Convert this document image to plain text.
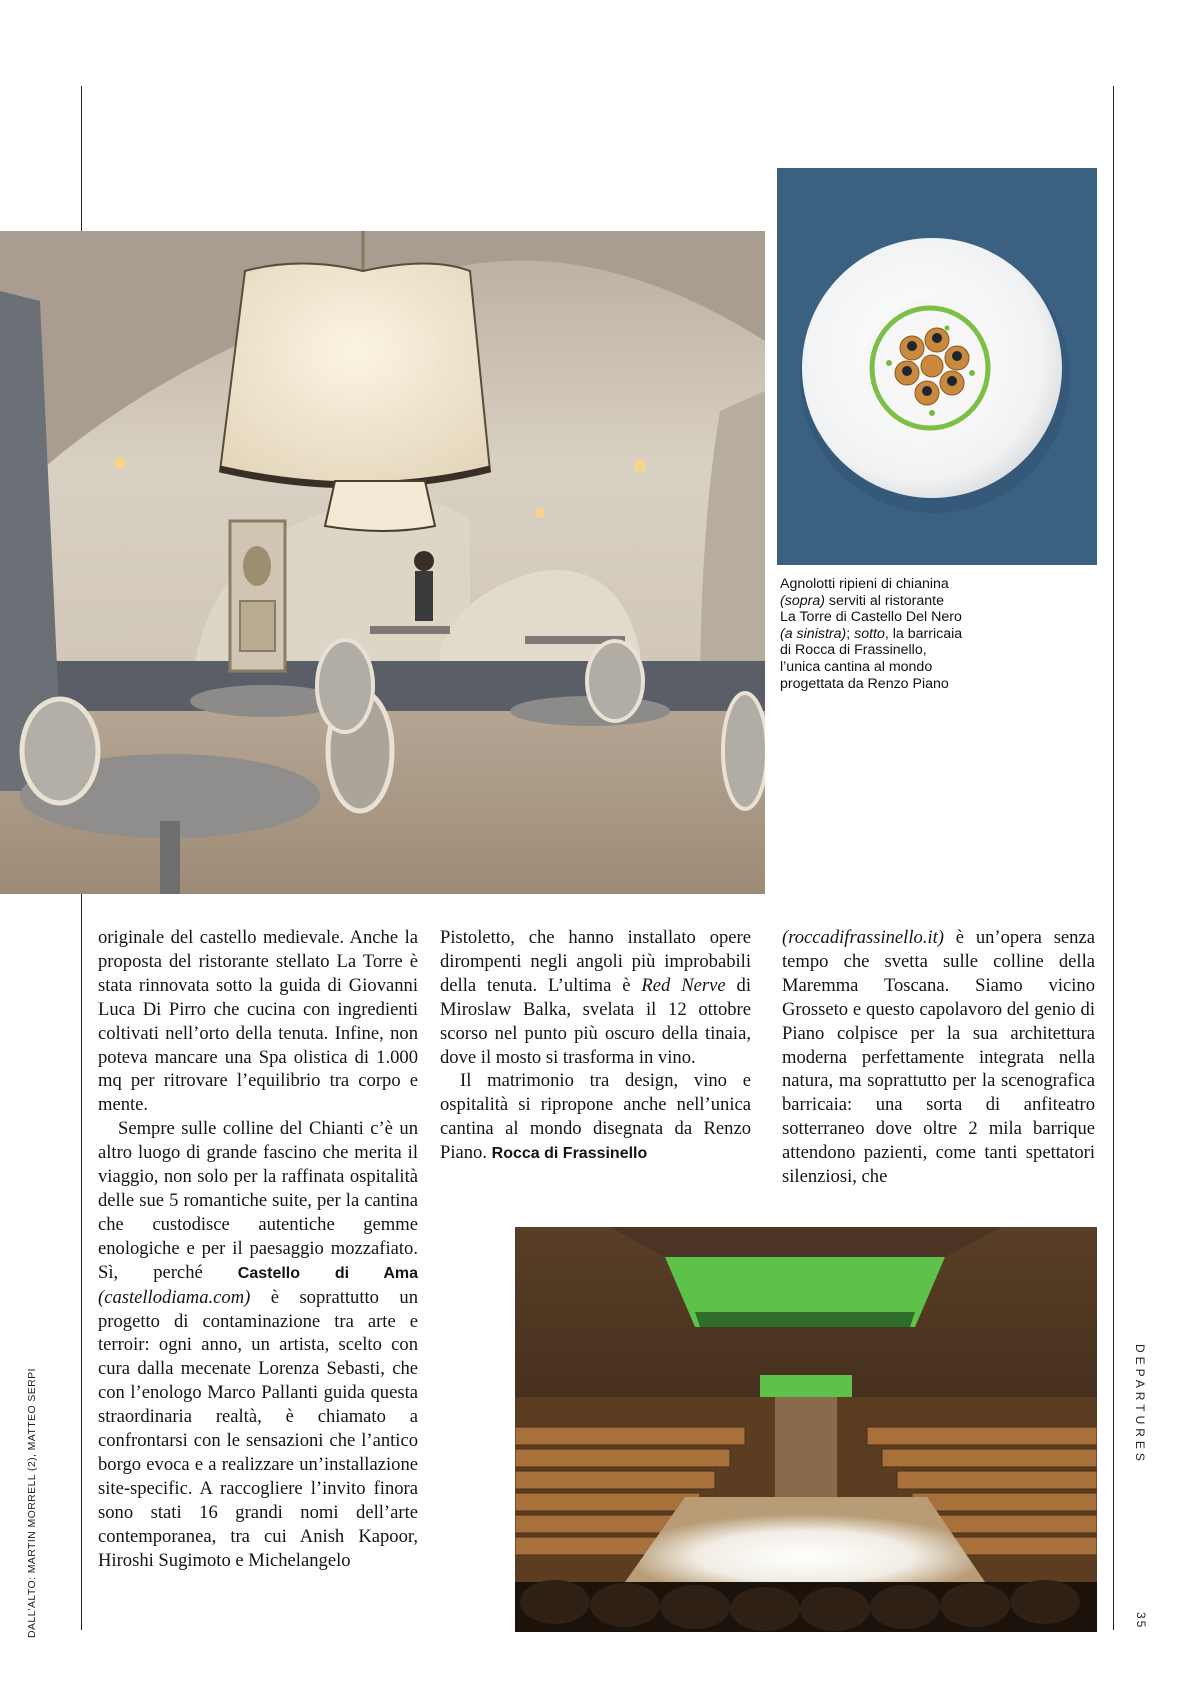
Agnolotti ripieni di chianina

(sopra) serviti al ristorante

La Torre di Castello Del Nero

(a sinistra); sotto, la barricaia

di Rocca di Frassinello,

l’unica cantina al mondo

progettata da Renzo Piano

originale del castello medievale. Anche la proposta del ristorante stellato La Torre è stata rinnovata sotto la guida di Giovanni Luca Di Pirro che cucina con ingredienti coltivati nell’orto della tenuta. Infine, non poteva mancare una Spa olistica di 1.000 mq per ritrovare l’equilibrio tra corpo e mente.

Sempre sulle colline del Chianti c’è un altro luogo di grande fascino che merita il viaggio, non solo per la raffinata ospitalità delle sue 5 romantiche suite, per la cantina che custodisce autentiche gemme enologiche e per il paesaggio mozzafiato. Sì, perché Castello di Ama (castellodiama.com) è soprattutto un progetto di contaminazione tra arte e terroir: ogni anno, un artista, scelto con cura dalla mecenate Lorenza Sebasti, che con l’enologo Marco Pallanti guida questa straordinaria realtà, è chiamato a confrontarsi con le sensazioni che l’antico borgo evoca e a realizzare un’installazione site-specific. A raccogliere l’invito finora sono stati 16 grandi nomi dell’arte contemporanea, tra cui Anish Kapoor, Hiroshi Sugimoto e Michelangelo

Pistoletto, che hanno installato opere dirompenti negli angoli più improbabili della tenuta. L’ultima è Red Nerve di Miroslaw Balka, svelata il 12 ottobre scorso nel punto più oscuro della tinaia, dove il mosto si trasforma in vino.

Il matrimonio tra design, vino e ospitalità si ripropone anche nell’unica cantina al mondo disegnata da Renzo Piano. Rocca di Frassinello

(roccadifrassinello.it) è un’opera senza tempo che svetta sulle colline della Maremma Toscana. Siamo vicino Grosseto e questo capolavoro del genio di Piano colpisce per la sua architettura moderna perfettamente integrata nella natura, ma soprattutto per la scenografica barricaia: una sorta di anfiteatro sotterraneo dove oltre 2 mila barrique attendono pazienti, come tanti spettatori silenziosi, che

DALL’ALTO: MARTIN MORRELL (2), MATTEO SERPI	DEPARTURES
35
